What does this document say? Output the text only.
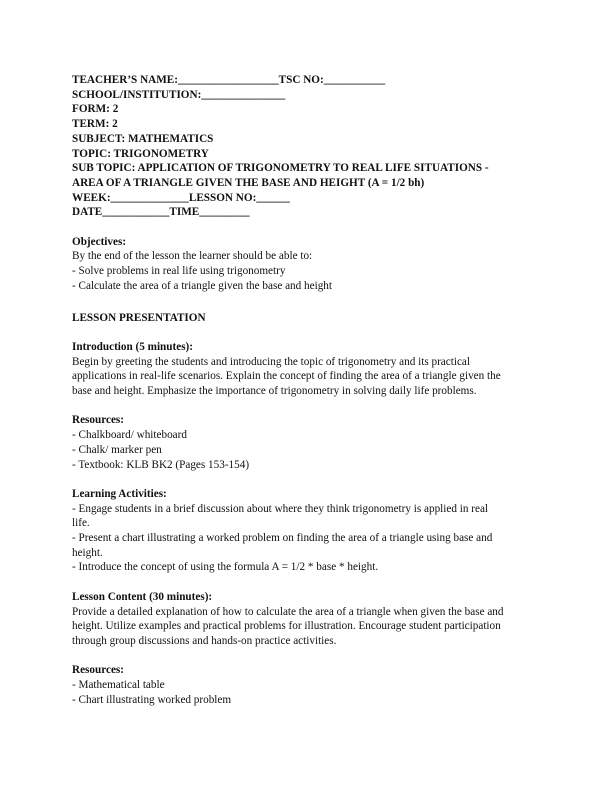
TEACHER’S NAME:__________________TSC NO:___________

SCHOOL/INSTITUTION:_______________

FORM: 2

TERM: 2

SUBJECT: MATHEMATICS

TOPIC: TRIGONOMETRY

SUB TOPIC: APPLICATION OF TRIGONOMETRY TO REAL LIFE SITUATIONS -

AREA OF A TRIANGLE GIVEN THE BASE AND HEIGHT (A = 1/2 bh)

WEEK:______________LESSON NO:______

DATE____________TIME_________

Objectives:

By the end of the lesson the learner should be able to:

- Solve problems in real life using trigonometry

- Calculate the area of a triangle given the base and height

LESSON PRESENTATION

Introduction (5 minutes):

Begin by greeting the students and introducing the topic of trigonometry and its practical

applications in real-life scenarios. Explain the concept of finding the area of a triangle given the

base and height. Emphasize the importance of trigonometry in solving daily life problems.

Resources:

- Chalkboard/ whiteboard

- Chalk/ marker pen

- Textbook: KLB BK2 (Pages 153-154)

Learning Activities:

- Engage students in a brief discussion about where they think trigonometry is applied in real

life.

- Present a chart illustrating a worked problem on finding the area of a triangle using base and

height.

- Introduce the concept of using the formula A = 1/2 * base * height.

Lesson Content (30 minutes):

Provide a detailed explanation of how to calculate the area of a triangle when given the base and

height. Utilize examples and practical problems for illustration. Encourage student participation

through group discussions and hands-on practice activities.

Resources:

- Mathematical table

- Chart illustrating worked problem
